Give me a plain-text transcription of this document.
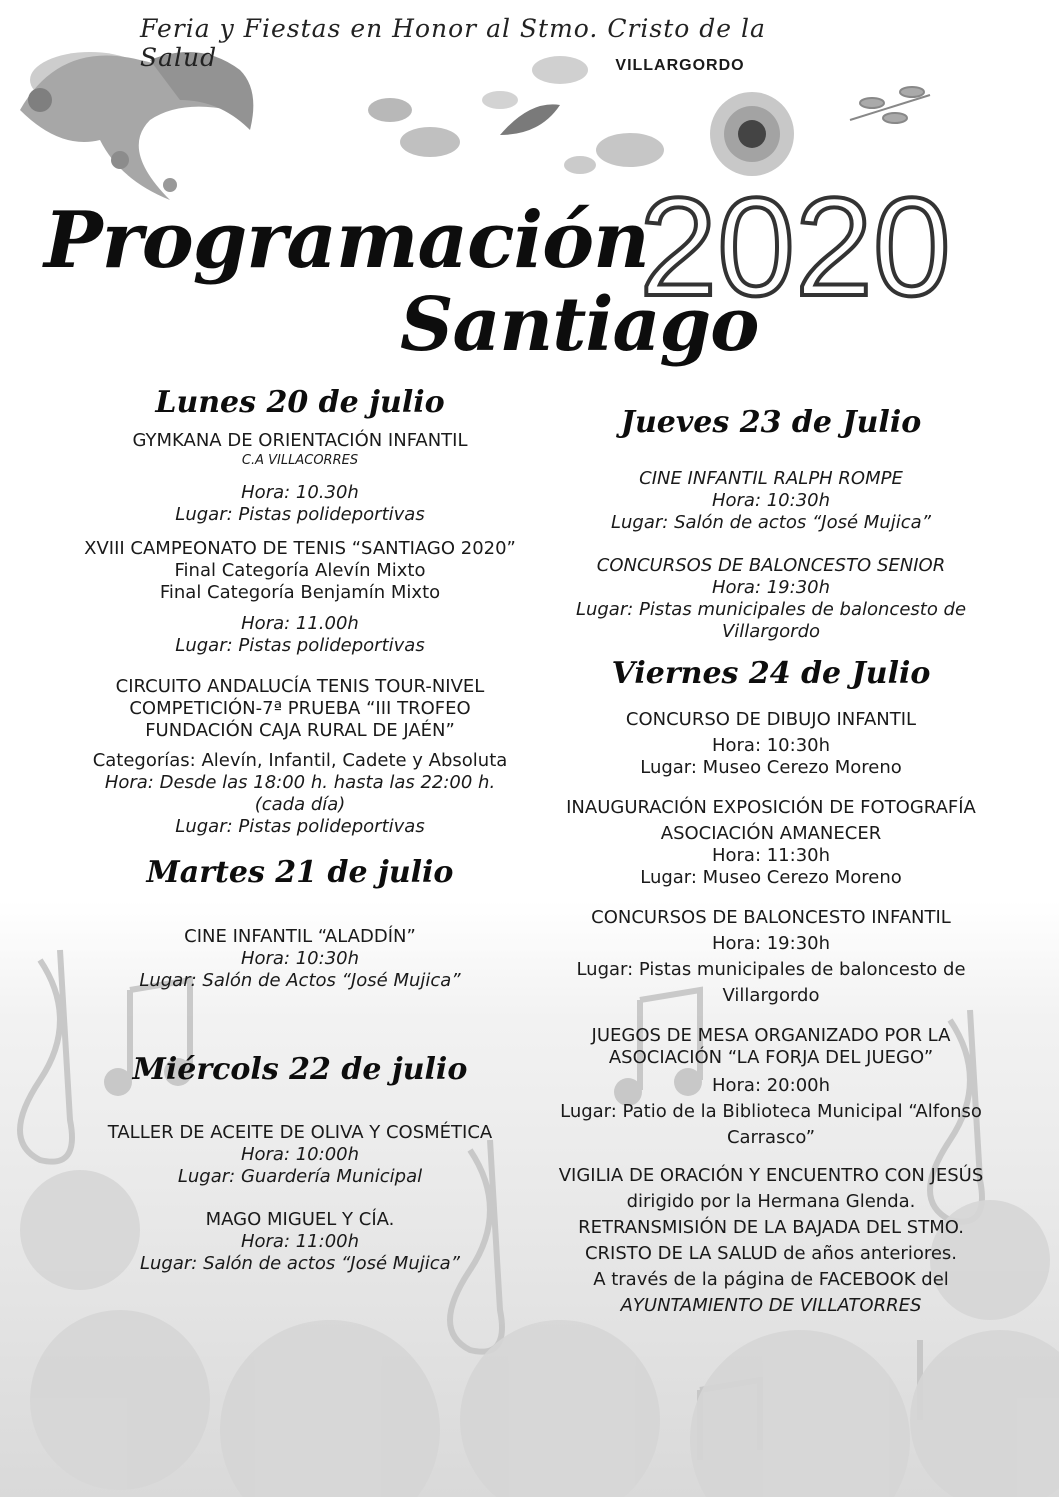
Feria y Fiestas en Honor al Stmo. Cristo de la Salud	VILLARGORDO
Programación
Santiago
2020
Lunes 20 de julio
GYMKANA DE ORIENTACIÓN INFANTIL
C.A VILLACORRES
Hora: 10.30h
Lugar: Pistas polideportivas
XVIII CAMPEONATO DE TENIS “SANTIAGO 2020”
Final Categoría Alevín Mixto
Final Categoría Benjamín Mixto
Hora: 11.00h
Lugar: Pistas polideportivas
CIRCUITO ANDALUCÍA TENIS TOUR-NIVEL
COMPETICIÓN-7ª PRUEBA “III TROFEO
FUNDACIÓN CAJA RURAL DE JAÉN”
Categorías: Alevín, Infantil, Cadete y Absoluta
Hora: Desde las 18:00 h. hasta las 22:00 h.
(cada día)
Lugar: Pistas polideportivas
Martes 21 de julio
CINE INFANTIL “ALADDÍN”
Hora: 10:30h
Lugar: Salón de Actos “José Mujica”
Miércols 22 de julio
TALLER DE ACEITE DE OLIVA Y COSMÉTICA
Hora: 10:00h
Lugar: Guardería Municipal
MAGO MIGUEL Y CÍA.
Hora: 11:00h
Lugar: Salón de actos “José Mujica”
Jueves 23 de Julio
CINE INFANTIL RALPH ROMPE
Hora: 10:30h
Lugar: Salón de actos “José Mujica”
CONCURSOS DE BALONCESTO SENIOR
Hora: 19:30h
Lugar: Pistas municipales de baloncesto de
Villargordo
Viernes 24 de Julio
CONCURSO DE DIBUJO INFANTIL
Hora: 10:30h
Lugar: Museo Cerezo Moreno
INAUGURACIÓN EXPOSICIÓN DE FOTOGRAFÍA
ASOCIACIÓN AMANECER
Hora: 11:30h
Lugar: Museo Cerezo Moreno
CONCURSOS DE BALONCESTO INFANTIL
Hora: 19:30h
Lugar: Pistas municipales de baloncesto de
Villargordo
JUEGOS DE MESA ORGANIZADO POR LA
ASOCIACIÓN “LA FORJA DEL JUEGO”
Hora: 20:00h
Lugar: Patio de la Biblioteca Municipal “Alfonso
Carrasco”
VIGILIA DE ORACIÓN Y ENCUENTRO CON JESÚS
dirigido por la Hermana Glenda.
RETRANSMISIÓN DE LA BAJADA DEL STMO.
CRISTO DE LA SALUD de años anteriores.
A través de la página de FACEBOOK del
AYUNTAMIENTO DE VILLATORRES
